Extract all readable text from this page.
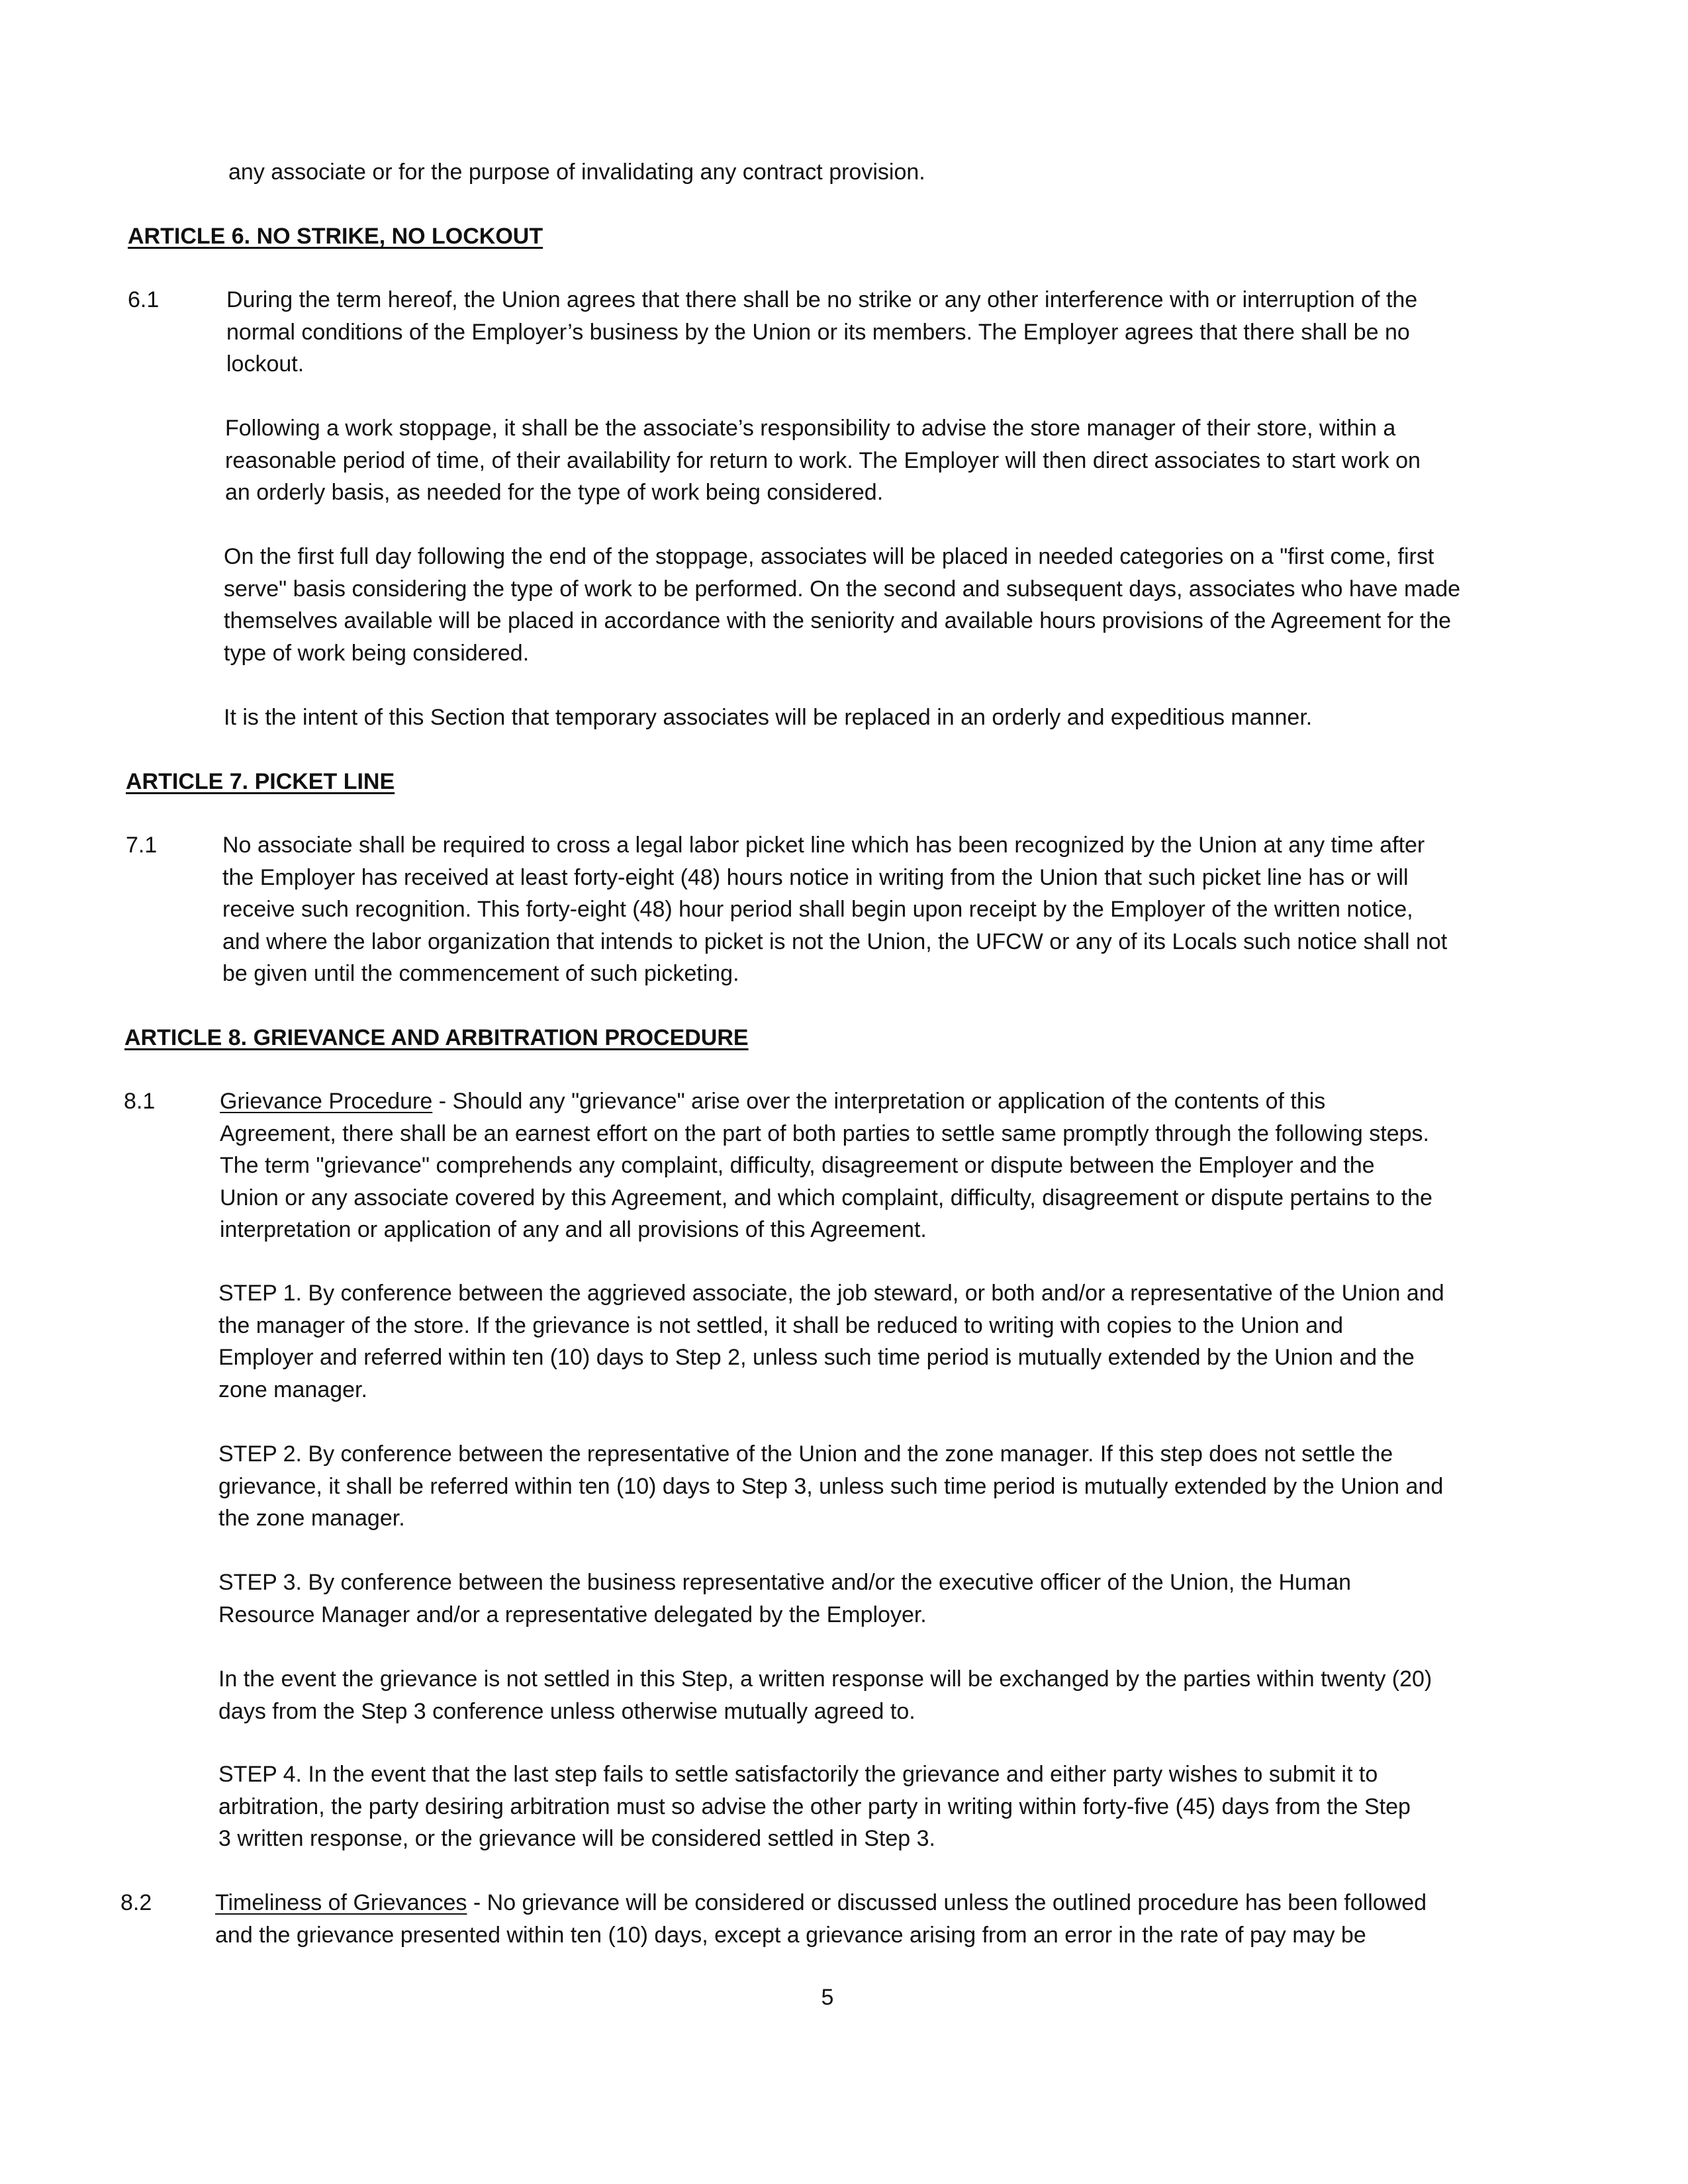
any associate or for the purpose of invalidating any contract provision.
ARTICLE 6. NO STRIKE, NO LOCKOUT
6.1	During the term hereof, the Union agrees that there shall be no strike or any other interference with or interruption of the
normal conditions of the Employer’s business by the Union or its members. The Employer agrees that there shall be no
lockout.
Following a work stoppage, it shall be the associate’s responsibility to advise the store manager of their store, within a
reasonable period of time, of their availability for return to work. The Employer will then direct associates to start work on
an orderly basis, as needed for the type of work being considered.
On the first full day following the end of the stoppage, associates will be placed in needed categories on a "first come, first
serve" basis considering the type of work to be performed. On the second and subsequent days, associates who have made
themselves available will be placed in accordance with the seniority and available hours provisions of the Agreement for the
type of work being considered.
It is the intent of this Section that temporary associates will be replaced in an orderly and expeditious manner.
ARTICLE 7. PICKET LINE
7.1	No associate shall be required to cross a legal labor picket line which has been recognized by the Union at any time after
the Employer has received at least forty-eight (48) hours notice in writing from the Union that such picket line has or will
receive such recognition. This forty-eight (48) hour period shall begin upon receipt by the Employer of the written notice,
and where the labor organization that intends to picket is not the Union, the UFCW or any of its Locals such notice shall not
be given until the commencement of such picketing.
ARTICLE 8. GRIEVANCE AND ARBITRATION PROCEDURE
8.1	Grievance Procedure - Should any "grievance" arise over the interpretation or application of the contents of this
Agreement, there shall be an earnest effort on the part of both parties to settle same promptly through the following steps.
The term "grievance" comprehends any complaint, difficulty, disagreement or dispute between the Employer and the
Union or any associate covered by this Agreement, and which complaint, difficulty, disagreement or dispute pertains to the
interpretation or application of any and all provisions of this Agreement.
STEP 1. By conference between the aggrieved associate, the job steward, or both and/or a representative of the Union and
the manager of the store. If the grievance is not settled, it shall be reduced to writing with copies to the Union and
Employer and referred within ten (10) days to Step 2, unless such time period is mutually extended by the Union and the
zone manager.
STEP 2. By conference between the representative of the Union and the zone manager. If this step does not settle the
grievance, it shall be referred within ten (10) days to Step 3, unless such time period is mutually extended by the Union and
the zone manager.
STEP 3. By conference between the business representative and/or the executive officer of the Union, the Human
Resource Manager and/or a representative delegated by the Employer.
In the event the grievance is not settled in this Step, a written response will be exchanged by the parties within twenty (20)
days from the Step 3 conference unless otherwise mutually agreed to.
STEP 4. In the event that the last step fails to settle satisfactorily the grievance and either party wishes to submit it to
arbitration, the party desiring arbitration must so advise the other party in writing within forty-five (45) days from the Step
3 written response, or the grievance will be considered settled in Step 3.
8.2	Timeliness of Grievances - No grievance will be considered or discussed unless the outlined procedure has been followed
and the grievance presented within ten (10) days, except a grievance arising from an error in the rate of pay may be
5
